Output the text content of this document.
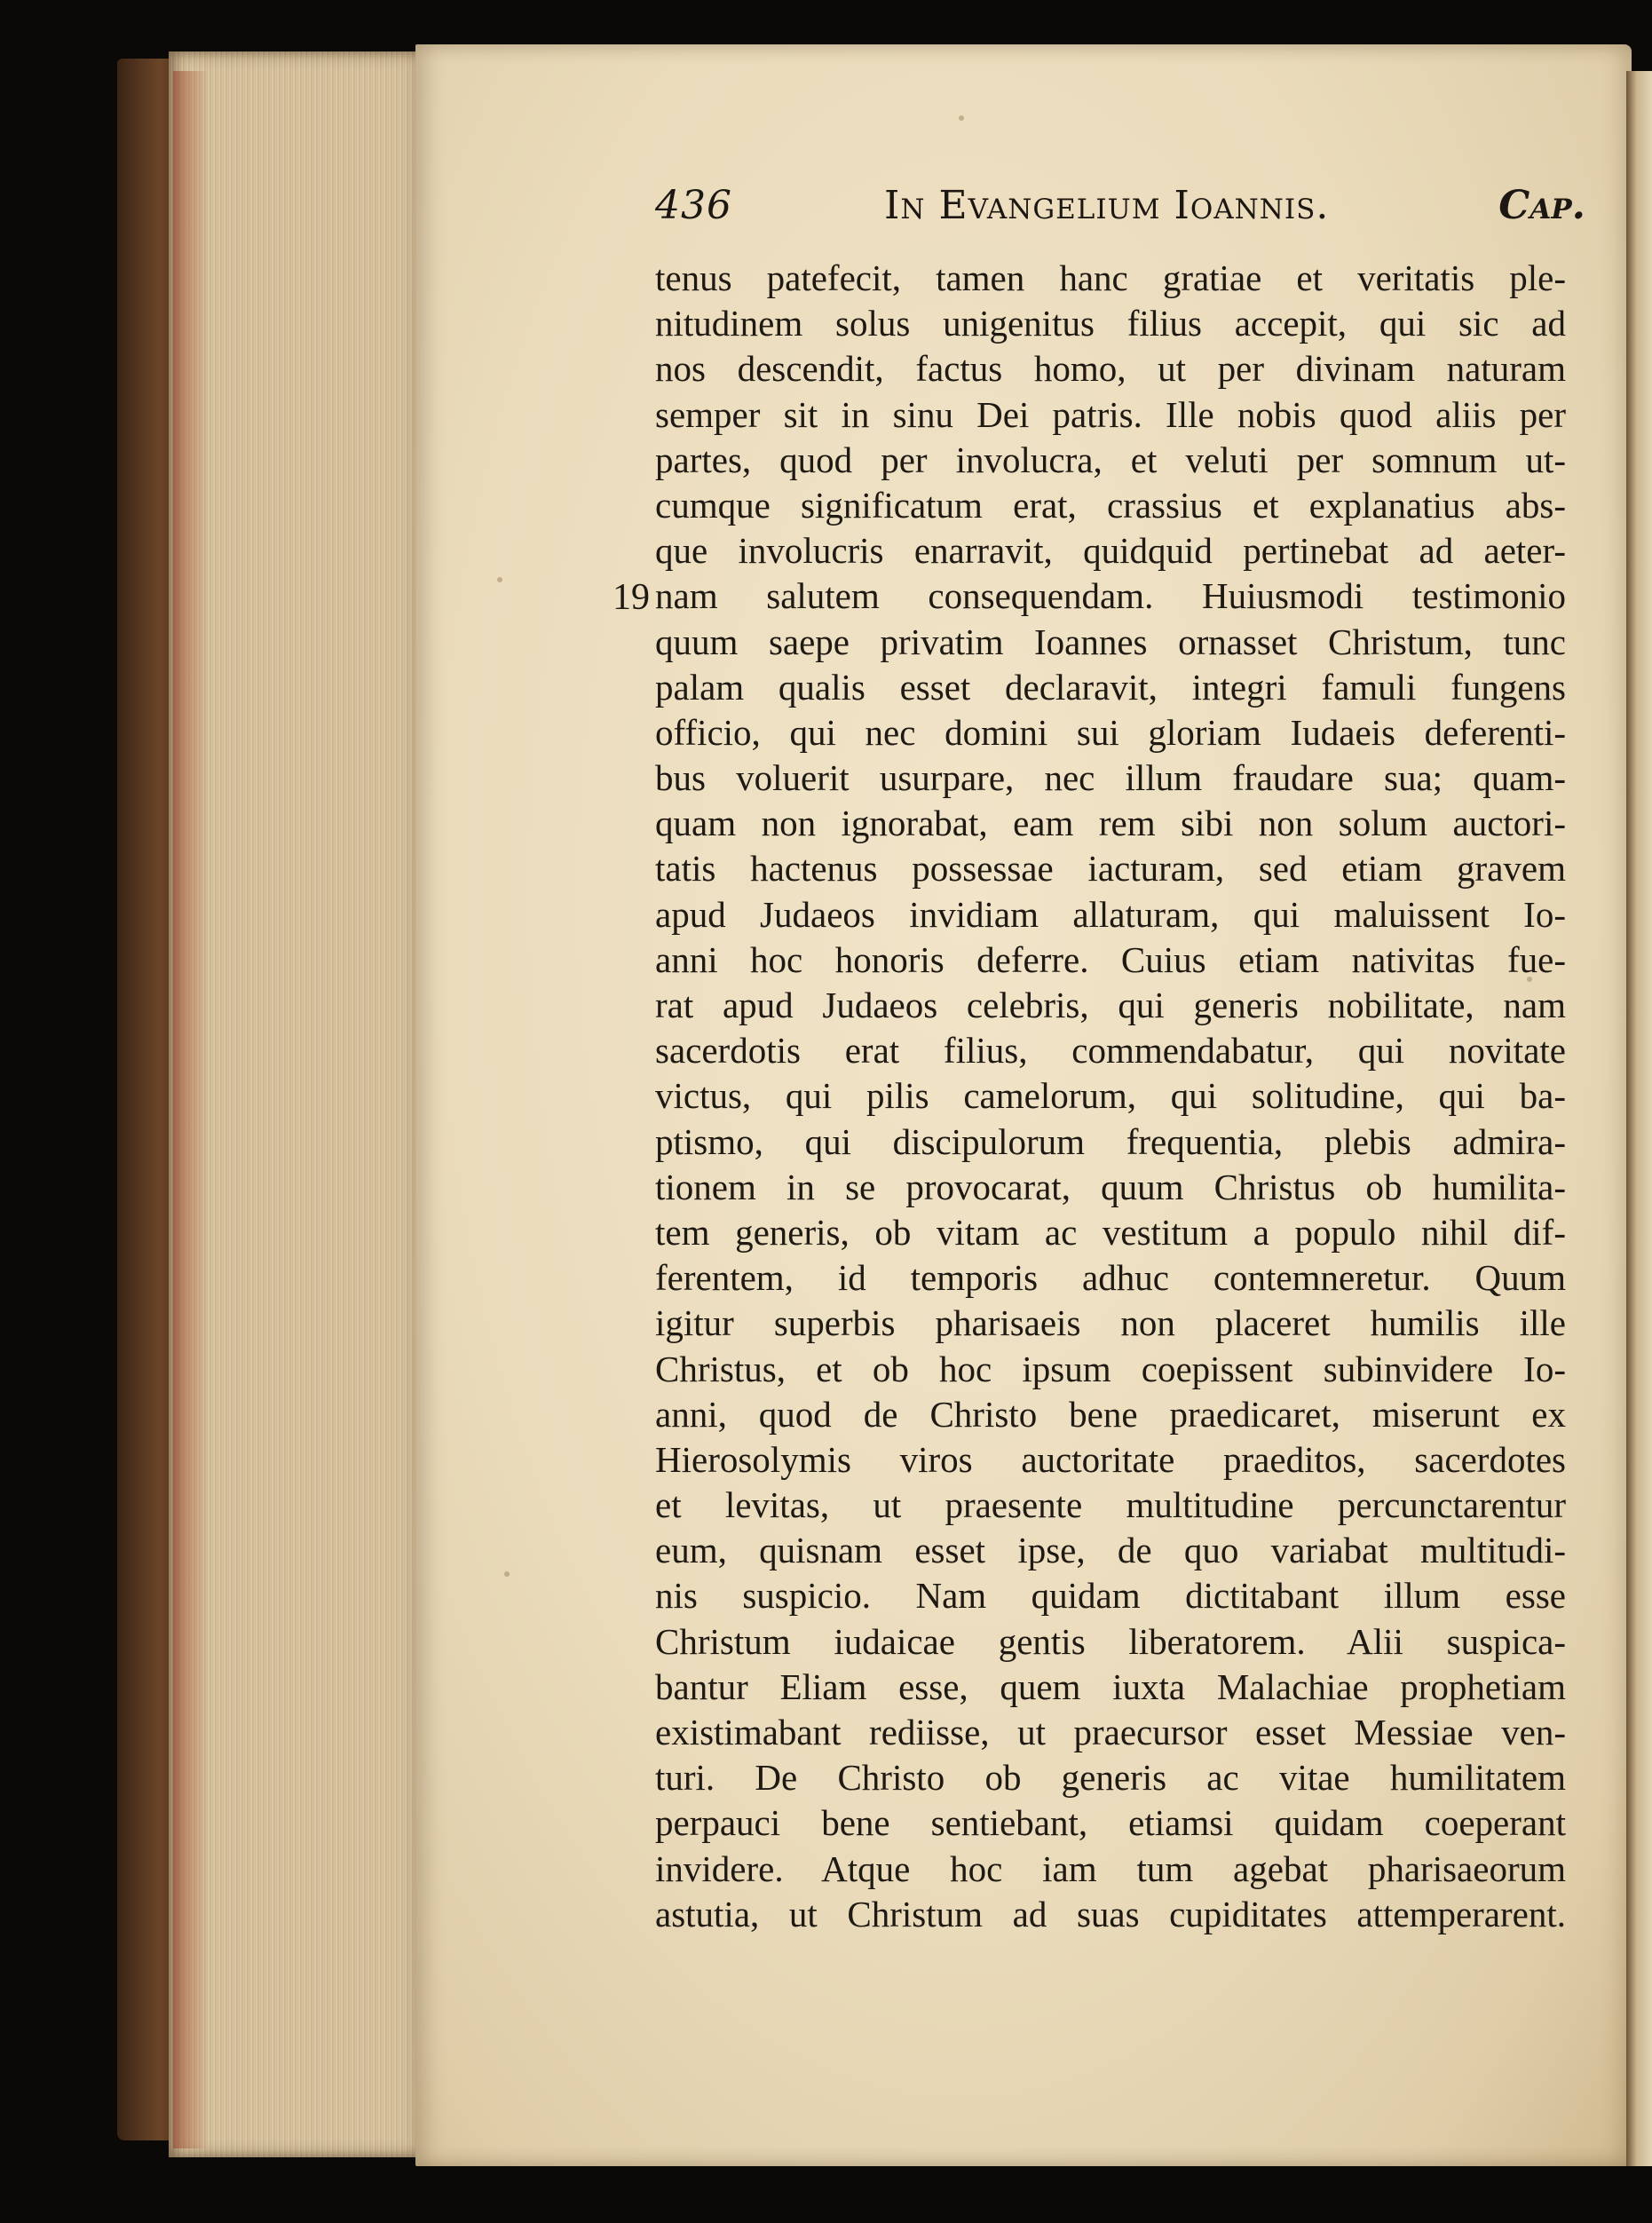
436	In Evangelium Ioannis.	Cap.
19
tenus patefecit, tamen hanc gratiae et veritatis ple-
nitudinem solus unigenitus filius accepit, qui sic ad
nos descendit, factus homo, ut per divinam naturam
semper sit in sinu Dei patris. Ille nobis quod aliis per
partes, quod per involucra, et veluti per somnum ut-
cumque significatum erat, crassius et explanatius abs-
que involucris enarravit, quidquid pertinebat ad aeter-
nam salutem consequendam. Huiusmodi testimonio
quum saepe privatim Ioannes ornasset Christum, tunc
palam qualis esset declaravit, integri famuli fungens
officio, qui nec domini sui gloriam Iudaeis deferenti-
bus voluerit usurpare, nec illum fraudare sua; quam-
quam non ignorabat, eam rem sibi non solum auctori-
tatis hactenus possessae iacturam, sed etiam gravem
apud Judaeos invidiam allaturam, qui maluissent Io-
anni hoc honoris deferre. Cuius etiam nativitas fue-
rat apud Judaeos celebris, qui generis nobilitate, nam
sacerdotis erat filius, commendabatur, qui novitate
victus, qui pilis camelorum, qui solitudine, qui ba-
ptismo, qui discipulorum frequentia, plebis admira-
tionem in se provocarat, quum Christus ob humilita-
tem generis, ob vitam ac vestitum a populo nihil dif-
ferentem, id temporis adhuc contemneretur. Quum
igitur superbis pharisaeis non placeret humilis ille
Christus, et ob hoc ipsum coepissent subinvidere Io-
anni, quod de Christo bene praedicaret, miserunt ex
Hierosolymis viros auctoritate praeditos, sacerdotes
et levitas, ut praesente multitudine percunctarentur
eum, quisnam esset ipse, de quo variabat multitudi-
nis suspicio. Nam quidam dictitabant illum esse
Christum iudaicae gentis liberatorem. Alii suspica-
bantur Eliam esse, quem iuxta Malachiae prophetiam
existimabant rediisse, ut praecursor esset Messiae ven-
turi. De Christo ob generis ac vitae humilitatem
perpauci bene sentiebant, etiamsi quidam coeperant
invidere. Atque hoc iam tum agebat pharisaeorum
astutia, ut Christum ad suas cupiditates attemperarent.
